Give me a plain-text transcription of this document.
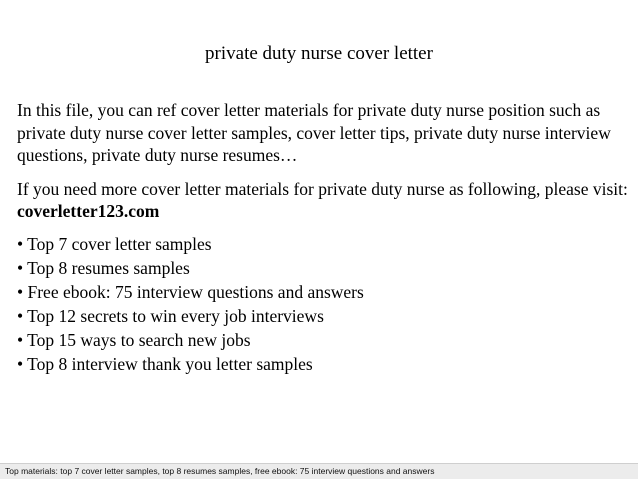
private duty nurse cover letter

In this file, you can ref cover letter materials for private duty nurse position such as private duty nurse cover letter samples, cover letter tips, private duty nurse interview questions, private duty nurse resumes…

If you need more cover letter materials for private duty nurse as following, please visit: coverletter123.com

• Top 7 cover letter samples
• Top 8 resumes samples
• Free ebook: 75 interview questions and answers
• Top 12 secrets to win every job interviews
• Top 15 ways to search new jobs
• Top 8 interview thank you letter samples
Top materials: top 7 cover letter samples, top 8 resumes samples, free ebook: 75 interview questions and answers
